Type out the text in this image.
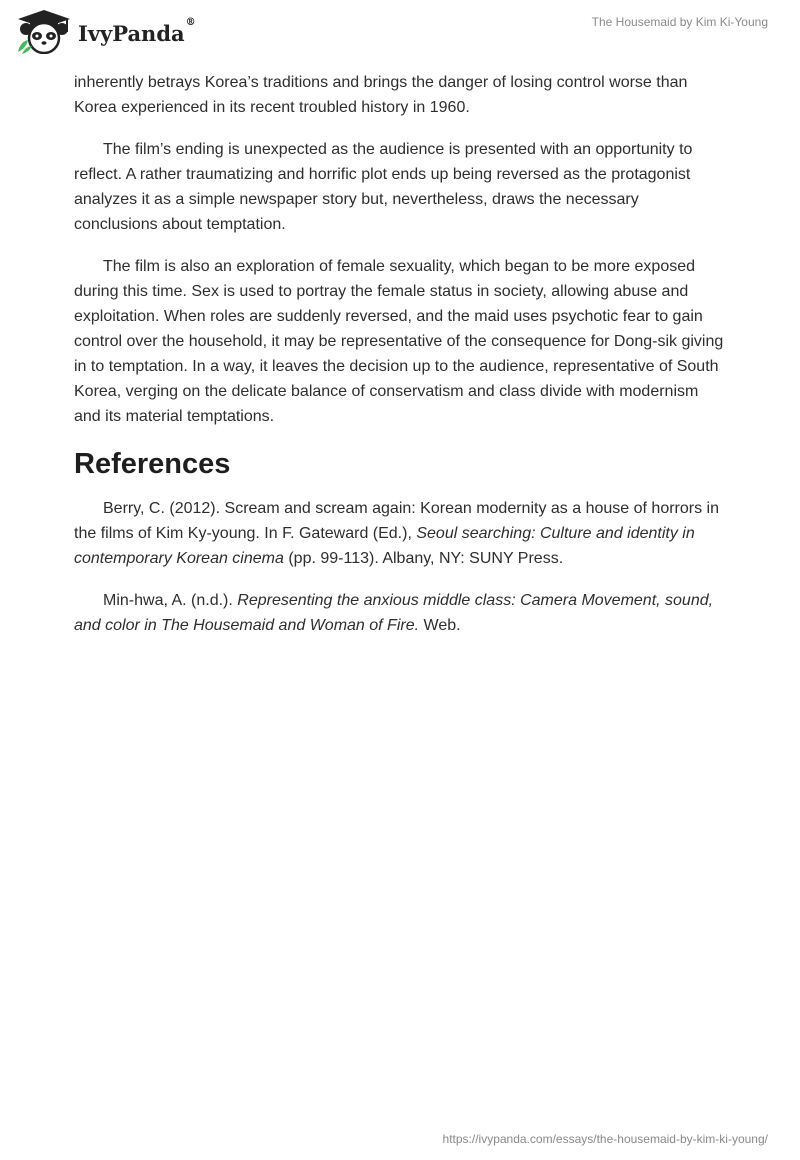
IvyPanda®	The Housemaid by Kim Ki-Young

inherently betrays Korea’s traditions and brings the danger of losing control worse than Korea experienced in its recent troubled history in 1960.

The film’s ending is unexpected as the audience is presented with an opportunity to reflect. A rather traumatizing and horrific plot ends up being reversed as the protagonist analyzes it as a simple newspaper story but, nevertheless, draws the necessary conclusions about temptation.

The film is also an exploration of female sexuality, which began to be more exposed during this time. Sex is used to portray the female status in society, allowing abuse and exploitation. When roles are suddenly reversed, and the maid uses psychotic fear to gain control over the household, it may be representative of the consequence for Dong-sik giving in to temptation. In a way, it leaves the decision up to the audience, representative of South Korea, verging on the delicate balance of conservatism and class divide with modernism and its material temptations.

References

Berry, C. (2012). Scream and scream again: Korean modernity as a house of horrors in the films of Kim Ky-young. In F. Gateward (Ed.), Seoul searching: Culture and identity in contemporary Korean cinema (pp. 99-113). Albany, NY: SUNY Press.

Min-hwa, A. (n.d.). Representing the anxious middle class: Camera Movement, sound, and color in The Housemaid and Woman of Fire. Web.

https://ivypanda.com/essays/the-housemaid-by-kim-ki-young/
